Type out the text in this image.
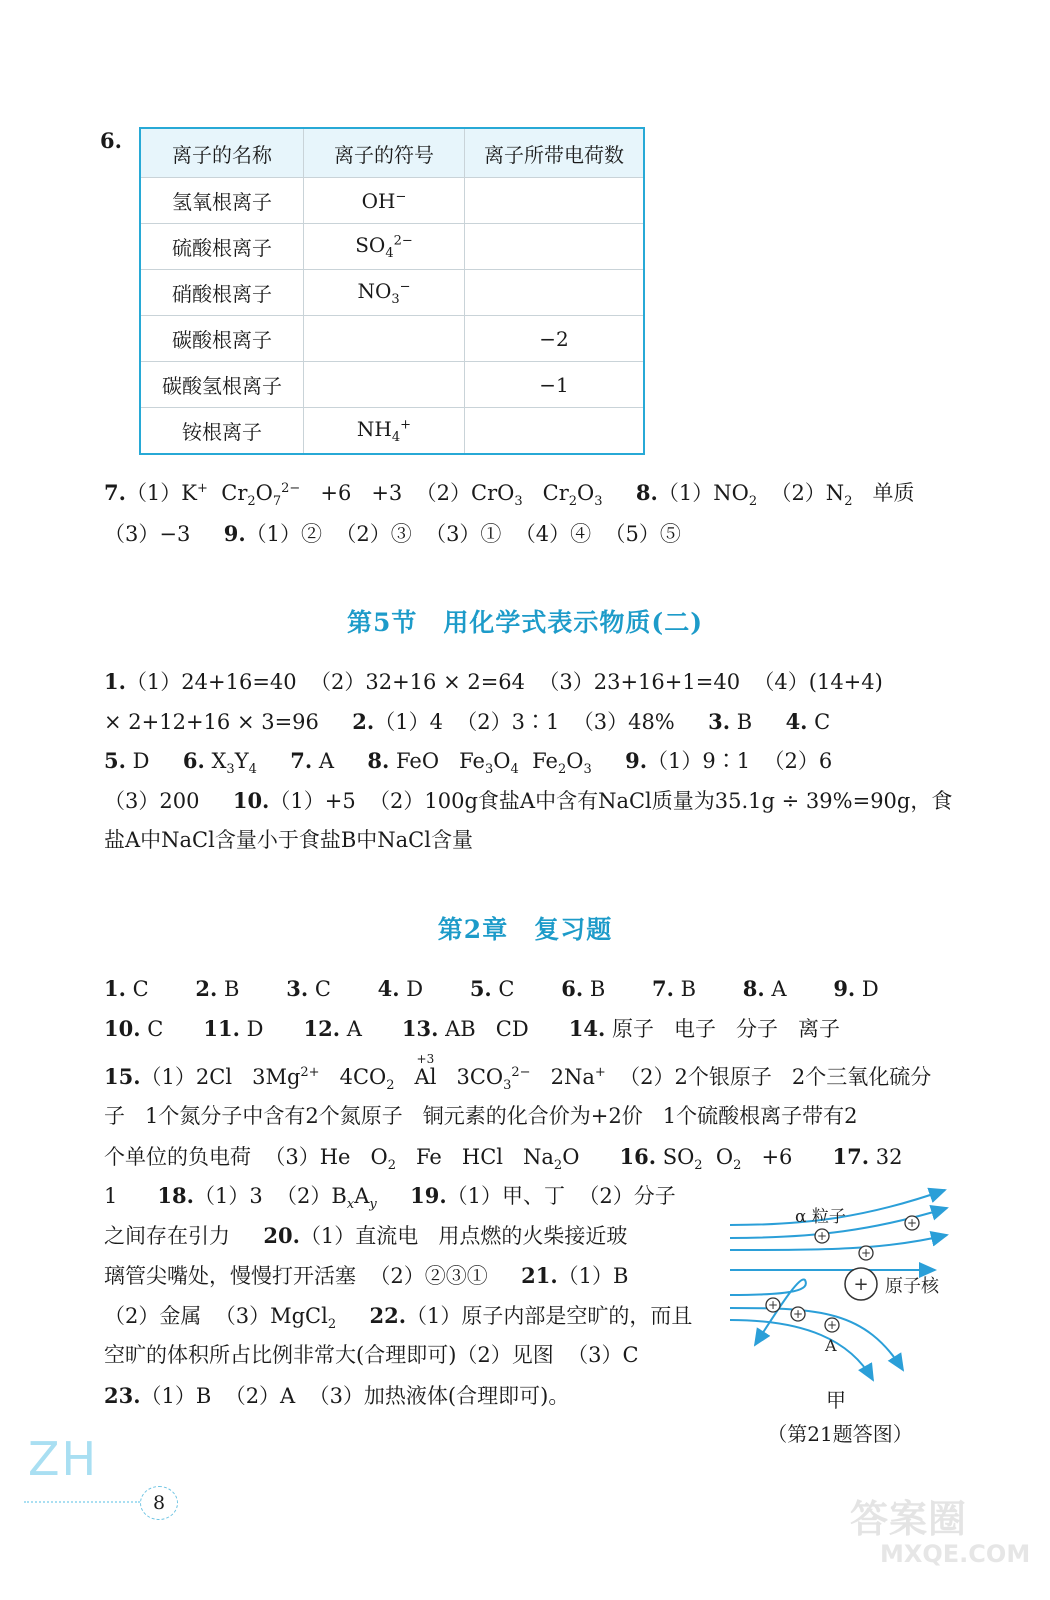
6.
离子的名称	离子的符号	离子所带电荷数
氢氧根离子	OH−	
硫酸根离子	$SO_4^{2-}$	
硝酸根离子	$NO_3^-$	
碳酸根离子		−2
碳酸氢根离子		−1
铵根离子	$NH_4^+$	
7.（1）K+  $Cr_2O_7^{2-} +6 +3$  （2）CrO$_3$   $Cr_2O_3$ $8.(1)NO_2$  $(2)N_2$   单质
（3）−3     9.（1）②  （2）③  （3）①  （4）④  （5）⑤
第5节　用化学式表示物质(二)
1.（1）24+16=40  （2）32+16 × 2=64  （3）23+16+1=40  （4）(14+4)
× 2+12+16 × 3=96     2.（1）4  （2）3∶1  （3）48%     3. B     4. C
5. D     6. $X_3Y_4$ 7. A     8. FeO   $Fe_3O_4$  $Fe_2O_3$ 9.（1）9∶1  （2）6
（3）200     10.（1）+5  （2）100g食盐A中含有NaCl质量为35.1g ÷ 39%=90g，食
盐A中NaCl含量小于食盐B中NaCl含量
第2章　复习题
1. C       2. B       3. C       4. D       5. C       6. B       7. B       8. A       9. D
10. C      11. D      12. A      13. AB   CD      14. 原子   电子   分子   离子
15.（1）2Cl   $3Mg^{2+}$   $4CO_2$
+3
Al   $3CO_3^{2-}$   2Na+  （2）2个银原子   2个三氧化硫分
子   1个氮分子中含有2个氮原子   铜元素的化合价为+2价   1个硫酸根离子带有2
个单位的负电荷  （3）He   $O_2$   Fe   HCl   $Na_2O$      16. $SO_2$  $O_2 +6$      17. 32
1      18.（1）3  $(2)B_xA_y$ 19.（1）甲、丁  （2）分子
之间存在引力     20.（1）直流电   用点燃的火柴接近玻
璃管尖嘴处，慢慢打开活塞  （2）②③①     21.（1）B
（2）金属  （3）MgCl$_2$ 22.（1）原子内部是空旷的，而且
空旷的体积所占比例非常大(合理即可)（2）见图  （3）C
23.（1）B  （2）A  （3）加热液体(合理即可)。
+
+
+
+
+
+
+
α 粒子
原子核
A
甲
（第21题答图）
ZH
8	答案圈
MXQE.COM
